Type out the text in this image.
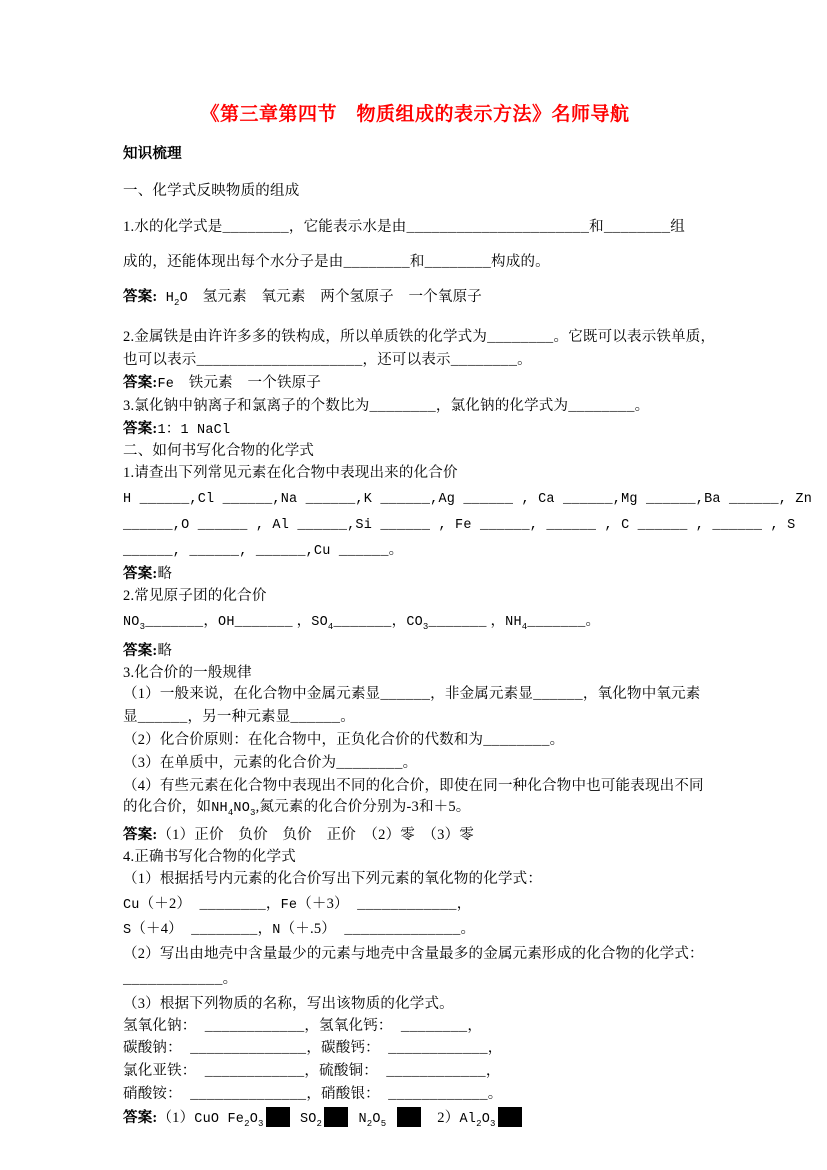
《第三章第四节　物质组成的表示方法》名师导航
知识梳理
一、化学式反映物质的组成
1.水的化学式是________，它能表示水是由______________________和________组
成的，还能体现出每个水分子是由________和________构成的。
答案: $H_2O$　氢元素　氧元素　两个氢原子　一个氧原子
2.金属铁是由许许多多的铁构成，所以单质铁的化学式为________。它既可以表示铁单质，
也可以表示____________________，还可以表示________。
答案:Fe　铁元素　一个铁原子
3.氯化钠中钠离子和氯离子的个数比为________，氯化钠的化学式为________。
答案:1：1 NaCl
二、如何书写化合物的化学式
1.请查出下列常见元素在化合物中表现出来的化合价
H ______,Cl ______,Na ______,K ______,Ag ______ , Ca ______,Mg ______,Ba ______, Zn
______,O ______ , Al ______,Si ______ , Fe ______, ______ , C ______ , ______ , S
______, ______, ______,Cu ______。
答案:略
2.常见原子团的化合价
$NO_3\_\_\_\_\_\_\_$，OH_______ ，$SO_4\_\_\_\_\_\_\_$，$CO_3\_\_\_\_\_\_\_$ ，$NH_4\_\_\_\_\_\_\_$。
答案:略
3.化合价的一般规律
（1）一般来说，在化合物中金属元素显______，非金属元素显______，氧化物中氧元素
显______，另一种元素显______。
（2）化合价原则：在化合物中，正负化合价的代数和为________。
（3）在单质中，元素的化合价为________。
（4）有些元素在化合物中表现出不同的化合价，即使在同一种化合物中也可能表现出不同
的化合价，如$NH_4NO_3$,氮元素的化合价分别为-3和＋5。
答案:（1）正价　负价　负价　正价　（2）零　（3）零
4.正确书写化合物的化学式
（1）根据括号内元素的化合价写出下列元素的氧化物的化学式：
Cu（＋2） ________，Fe（＋3） ____________，
S（＋4） ________，N（＋.5） ______________。
（2）写出由地壳中含量最少的元素与地壳中含量最多的金属元素形成的化合物的化学式：
____________。
（3）根据下列物质的名称，写出该物质的化学式。
氢氧化钠： ____________，氢氧化钙： ________，
碳酸钠： ______________，碳酸钙： ____________，
氯化亚铁： ____________，硫酸铜： ____________，
硝酸铵： ______________，硝酸银： ____________。
答案:（1）CuO $Fe_2O_3$ $SO_2$ $N_2O_5$	　$2)Al_2O_3$
